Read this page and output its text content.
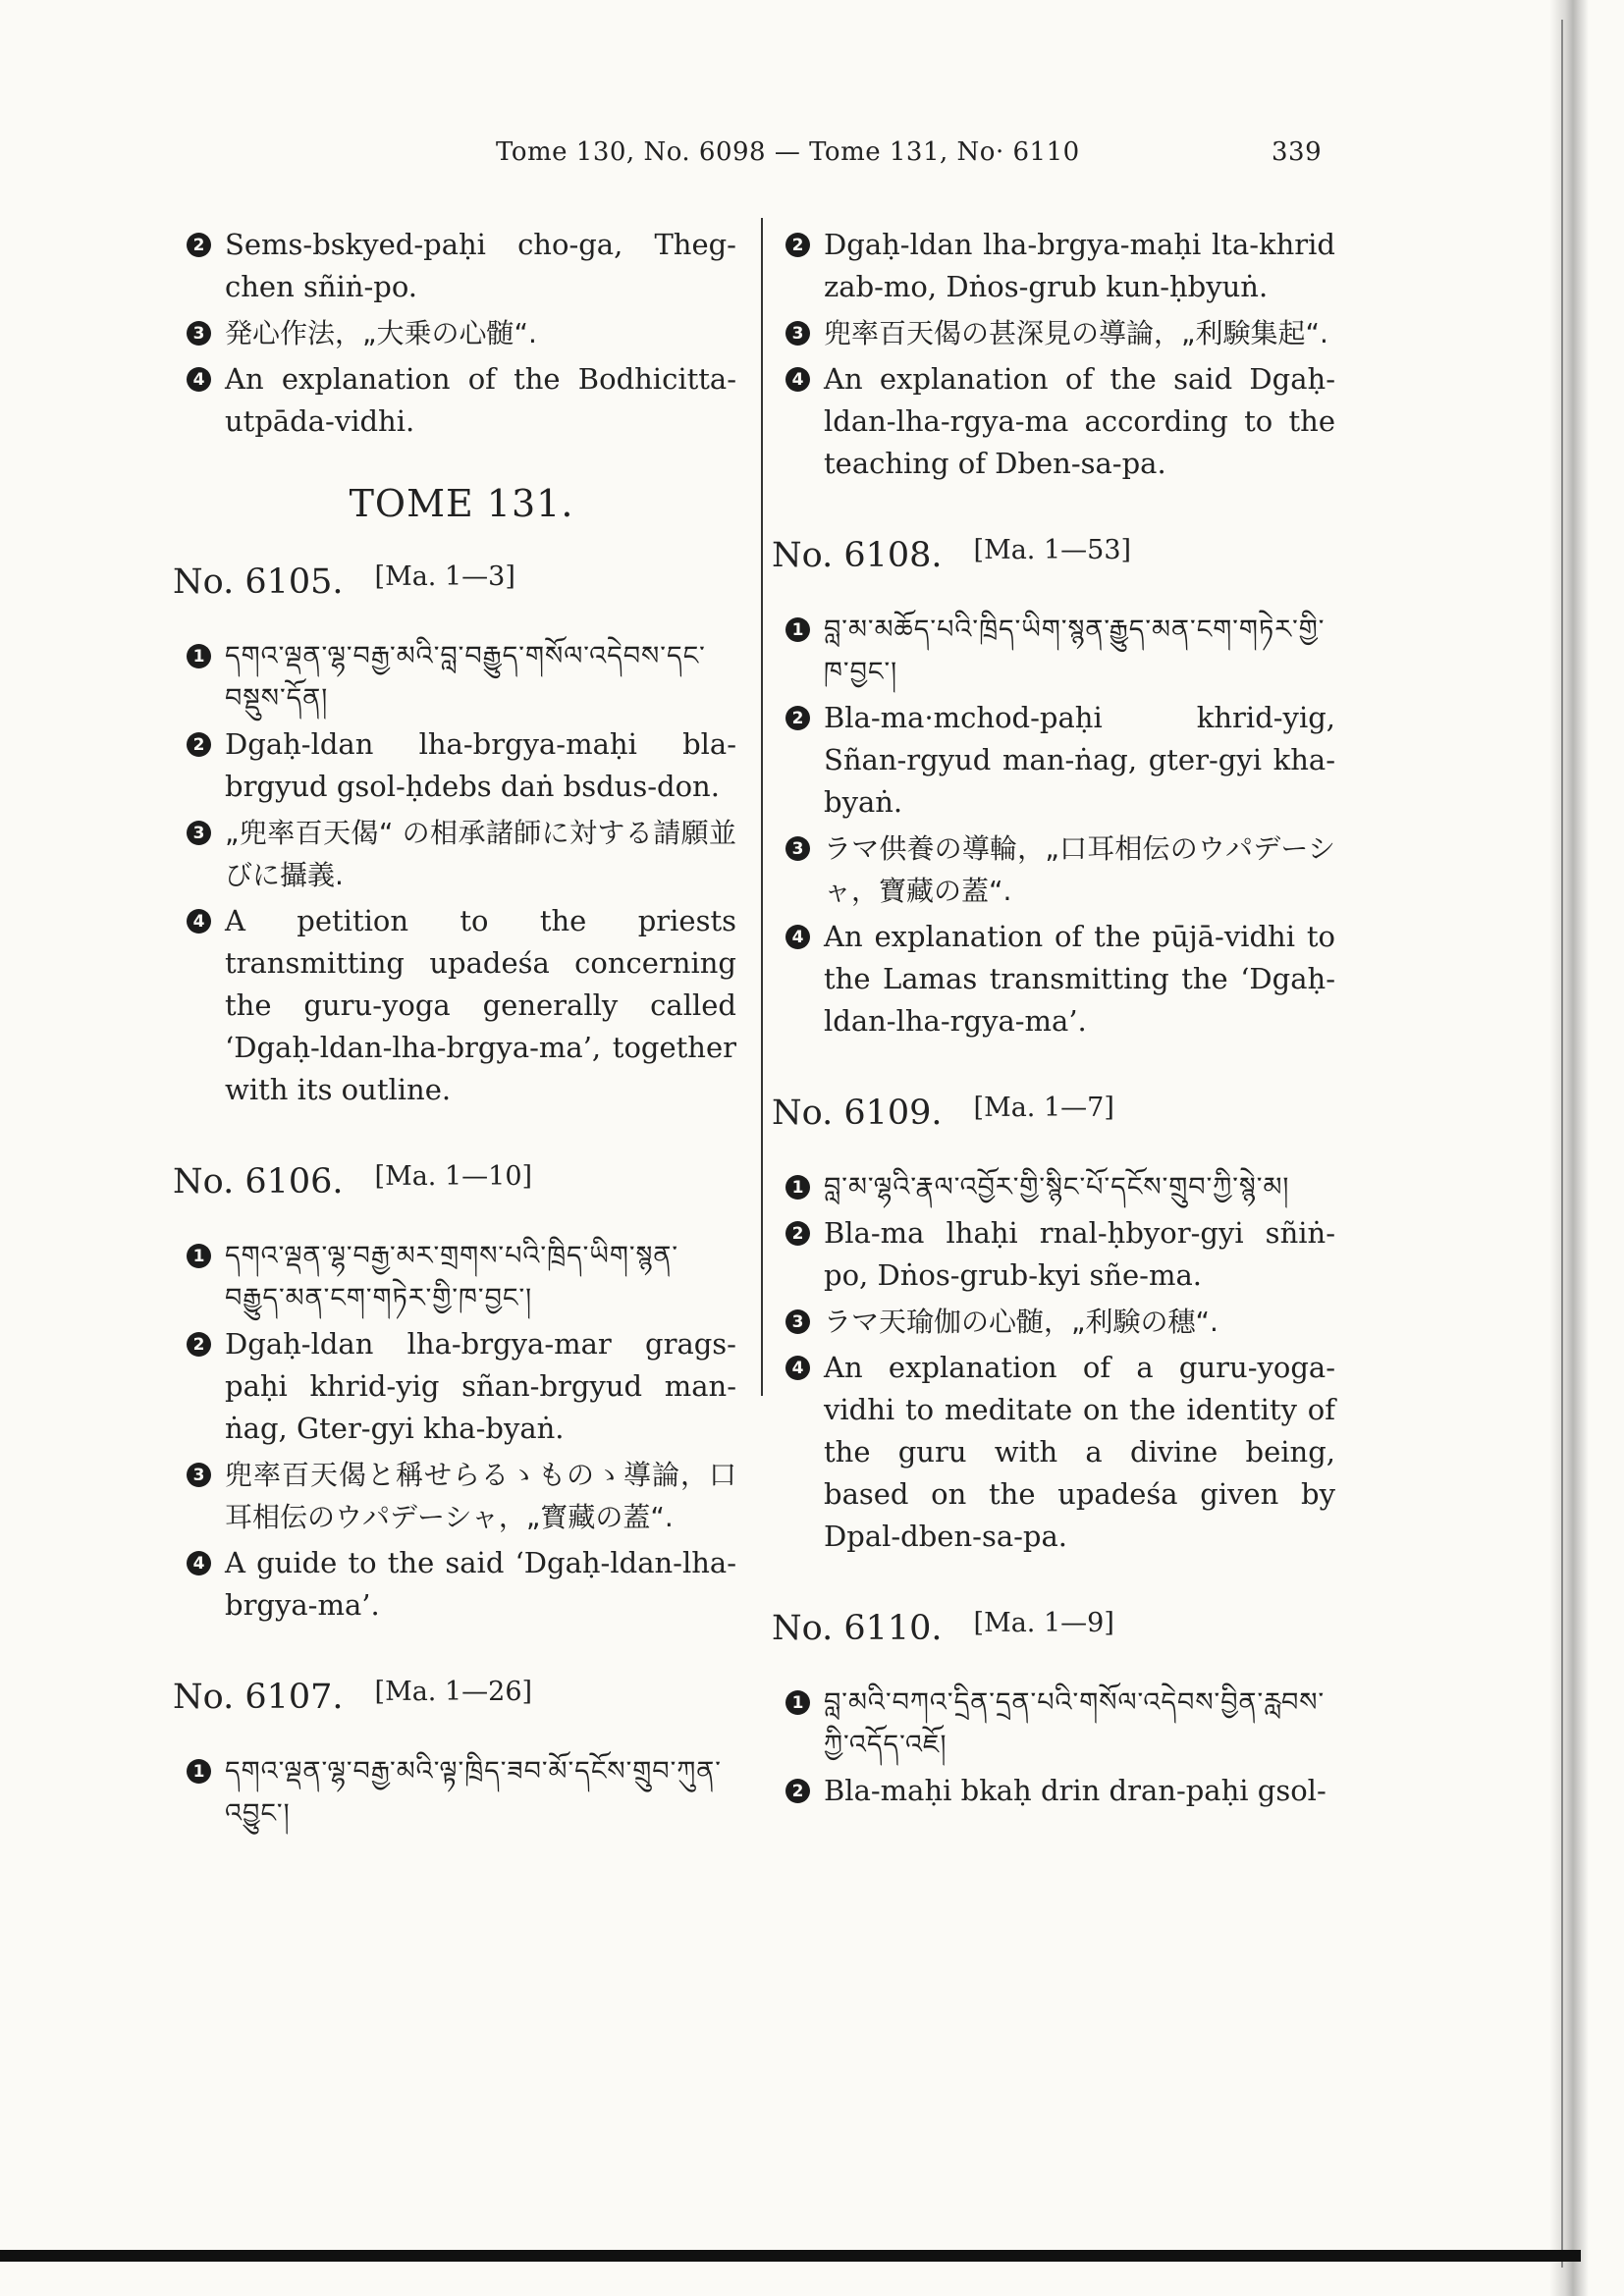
Tome 130, No. 6098 — Tome 131, No· 6110	339
2 Sems-bskyed-paḥi cho-ga, Theg-chen sñiṅ-po.

3 発心作法，„大乗の心髄“.

4 An explanation of the Bodhicitta-utpāda-vidhi.

TOME 131.
No. 6105. [Ma. 1—3]
1 དགའ་ལྡན་ལྷ་བརྒྱ་མའི་བླ་བརྒྱུད་གསོལ་འདེབས་དང་བསྡུས་དོན།

2 Dgaḥ-ldan lha-brgya-maḥi bla-brgyud gsol-ḥdebs daṅ bsdus-don.

3 „兜率百天偈“ の相承諸師に対する請願並びに攝義.

4 A petition to the priests transmitting upadeśa concerning the guru-yoga generally called ‘Dgaḥ-ldan-lha-brgya-ma’, together with its outline.

No. 6106. [Ma. 1—10]
1 དགའ་ལྡན་ལྷ་བརྒྱ་མར་གྲགས་པའི་ཁྲིད་ཡིག་སྙན་བརྒྱུད་མན་ངག་གཏེར་གྱི་ཁ་བྱང་།

2 Dgaḥ-ldan lha-brgya-mar grags-paḥi khrid-yig sñan-brgyud man-ṅag, Gter-gyi kha-byaṅ.

3 兜率百天偈と稱せらるゝものゝ導論，口耳相伝のウパデーシャ，„寳藏の蓋“.

4 A guide to the said ‘Dgaḥ-ldan-lha-brgya-ma’.

No. 6107. [Ma. 1—26]
1 དགའ་ལྡན་ལྷ་བརྒྱ་མའི་ལྟ་ཁྲིད་ཟབ་མོ་དངོས་གྲུབ་ཀུན་འབྱུང་།

2 Dgaḥ-ldan lha-brgya-maḥi lta-khrid zab-mo, Dṅos-grub kun-ḥbyuṅ.

3 兜率百天偈の甚深見の導論，„利験集起“.

4 An explanation of the said Dgaḥ-ldan-lha-rgya-ma according to the teaching of Dben-sa-pa.

No. 6108. [Ma. 1—53]
1 བླ་མ་མཆོད་པའི་ཁྲིད་ཡིག་སྙན་རྒྱུད་མན་ངག་གཏེར་གྱི་ཁ་བྱང་།

2 Bla-ma·mchod-paḥi khrid-yig, Sñan-rgyud man-ṅag, gter-gyi kha-byaṅ.

3 ラマ供養の導輪，„口耳相伝のウパデーシャ，寶藏の蓋“.

4 An explanation of the pūjā-vidhi to the Lamas transmitting the ‘Dgaḥ-ldan-lha-rgya-ma’.

No. 6109. [Ma. 1—7]
1 བླ་མ་ལྷའི་རྣལ་འབྱོར་གྱི་སྙིང་པོ་དངོས་གྲུབ་ཀྱི་སྙེ་མ།

2 Bla-ma lhaḥi rnal-ḥbyor-gyi sñiṅ-po, Dṅos-grub-kyi sñe-ma.

3 ラマ天瑜伽の心髄，„利験の穗“.

4 An explanation of a guru-yoga-vidhi to meditate on the identity of the guru with a divine being, based on the upadeśa given by Dpal-dben-sa-pa.

No. 6110. [Ma. 1—9]
1 བླ་མའི་བཀའ་དྲིན་དྲན་པའི་གསོལ་འདེབས་བྱིན་རླབས་ཀྱི་འདོད་འཇོ།

2 Bla-maḥi bkaḥ drin dran-paḥi gsol-
